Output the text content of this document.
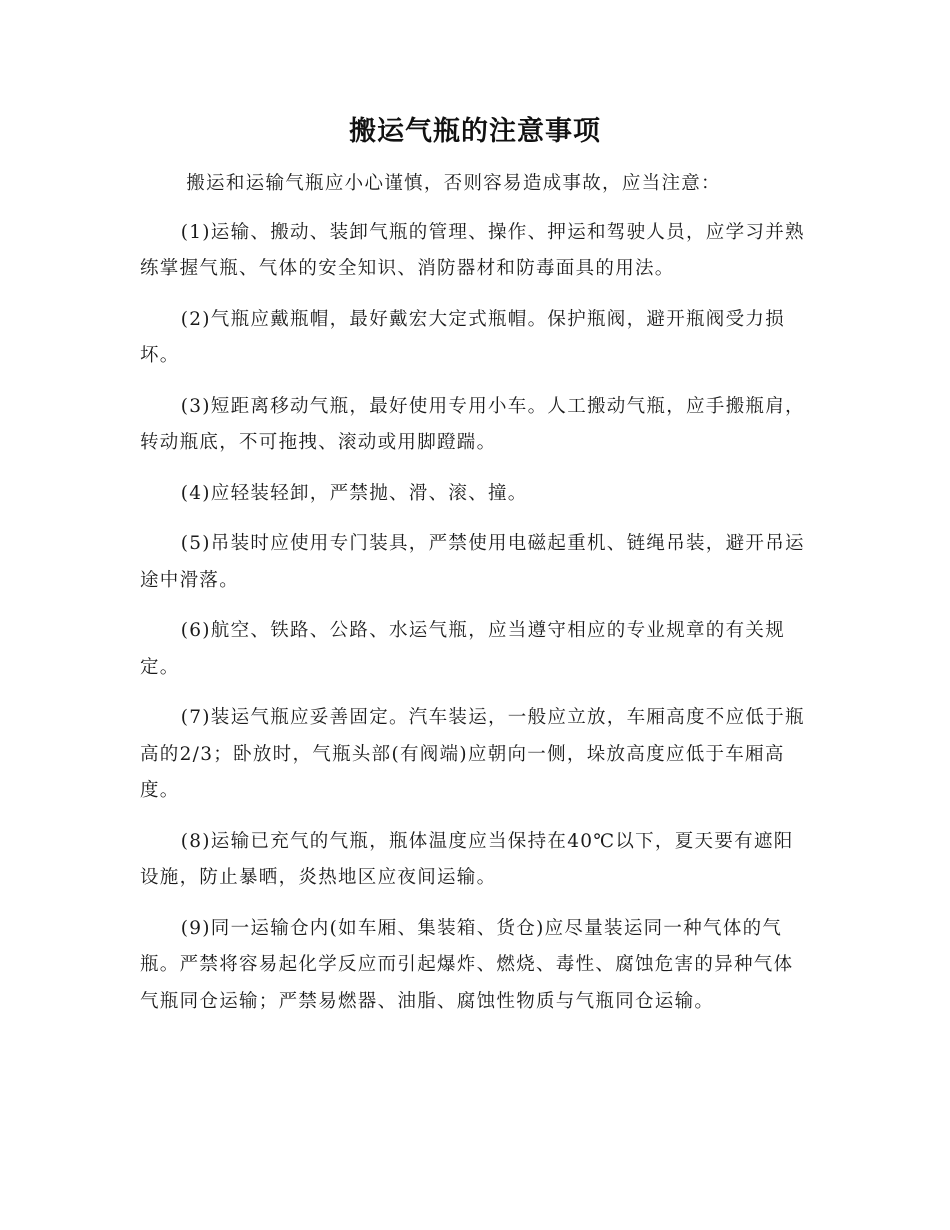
搬运气瓶的注意事项

搬运和运输气瓶应小心谨慎，否则容易造成事故，应当注意：

(1)运输、搬动、装卸气瓶的管理、操作、押运和驾驶人员，应学习并熟练掌握气瓶、气体的安全知识、消防器材和防毒面具的用法。

(2)气瓶应戴瓶帽，最好戴宏大定式瓶帽。保护瓶阀，避开瓶阀受力损坏。

(3)短距离移动气瓶，最好使用专用小车。人工搬动气瓶，应手搬瓶肩，转动瓶底，不可拖拽、滚动或用脚蹬踹。

(4)应轻装轻卸，严禁抛、滑、滚、撞。

(5)吊装时应使用专门装具，严禁使用电磁起重机、链绳吊装，避开吊运途中滑落。

(6)航空、铁路、公路、水运气瓶，应当遵守相应的专业规章的有关规定。

(7)装运气瓶应妥善固定。汽车装运，一般应立放，车厢高度不应低于瓶高的2/3；卧放时，气瓶头部(有阀端)应朝向一侧，垛放高度应低于车厢高度。

(8)运输已充气的气瓶，瓶体温度应当保持在40℃以下，夏天要有遮阳设施，防止暴晒，炎热地区应夜间运输。

(9)同一运输仓内(如车厢、集装箱、货仓)应尽量装运同一种气体的气瓶。严禁将容易起化学反应而引起爆炸、燃烧、毒性、腐蚀危害的异种气体气瓶同仓运输；严禁易燃器、油脂、腐蚀性物质与气瓶同仓运输。
